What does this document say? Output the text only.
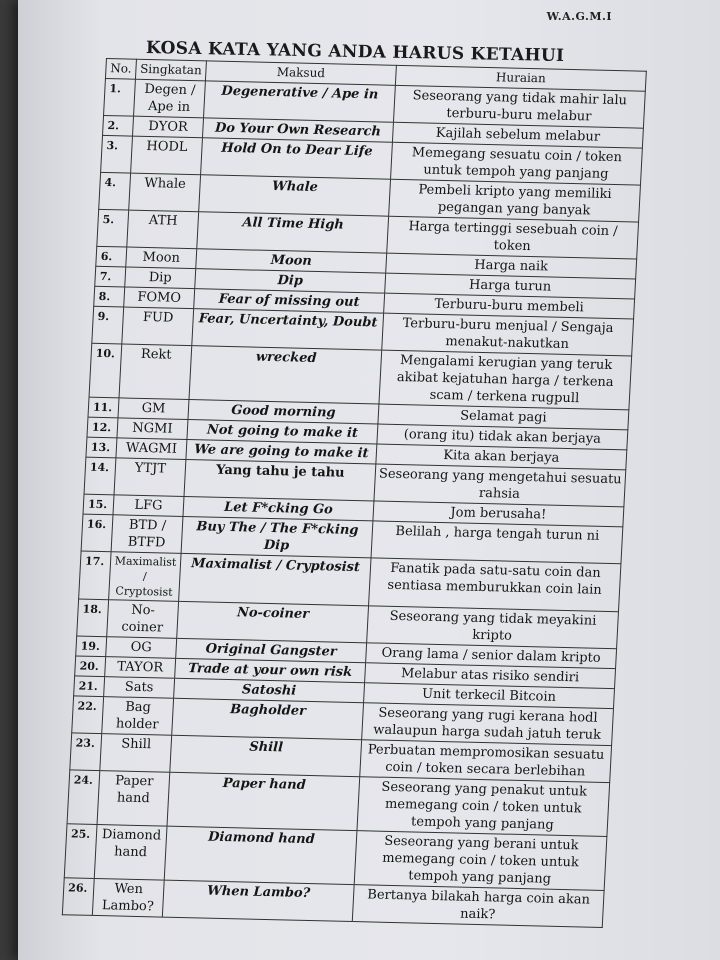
W.A.G.M.I
KOSA KATA YANG ANDA HARUS KETAHUI
No.	Singkatan	Maksud	Huraian
1.	Degen / Ape in	Degenerative / Ape in	Seseorang yang tidak mahir lalu terburu-buru melabur
2.	DYOR	Do Your Own Research	Kajilah sebelum melabur
3.	HODL	Hold On to Dear Life	Memegang sesuatu coin / token untuk tempoh yang panjang
4.	Whale	Whale	Pembeli kripto yang memiliki pegangan yang banyak
5.	ATH	All Time High	Harga tertinggi sesebuah coin / token
6.	Moon	Moon	Harga naik
7.	Dip	Dip	Harga turun
8.	FOMO	Fear of missing out	Terburu-buru membeli
9.	FUD	Fear, Uncertainty, Doubt	Terburu-buru menjual / Sengaja menakut-nakutkan
10.	Rekt	wrecked	Mengalami kerugian yang teruk akibat kejatuhan harga / terkena scam / terkena rugpull
11.	GM	Good morning	Selamat pagi
12.	NGMI	Not going to make it	(orang itu) tidak akan berjaya
13.	WAGMI	We are going to make it	Kita akan berjaya
14.	YTJT	Yang tahu je tahu	Seseorang yang mengetahui sesuatu rahsia
15.	LFG	Let F*cking Go	Jom berusaha!
16.	BTD / BTFD	Buy The / The F*cking Dip	Belilah , harga tengah turun ni
17.	Maximalist / Cryptosist	Maximalist / Cryptosist	Fanatik pada satu-satu coin dan sentiasa memburukkan coin lain
18.	No-coiner	No-coiner	Seseorang yang tidak meyakini kripto
19.	OG	Original Gangster	Orang lama / senior dalam kripto
20.	TAYOR	Trade at your own risk	Melabur atas risiko sendiri
21.	Sats	Satoshi	Unit terkecil Bitcoin
22.	Bag holder	Bagholder	Seseorang yang rugi kerana hodl walaupun harga sudah jatuh teruk
23.	Shill	Shill	Perbuatan mempromosikan sesuatu coin / token secara berlebihan
24.	Paper hand	Paper hand	Seseorang yang penakut untuk memegang coin / token untuk tempoh yang panjang
25.	Diamond hand	Diamond hand	Seseorang yang berani untuk memegang coin / token untuk tempoh yang panjang
26.	Wen Lambo?	When Lambo?	Bertanya bilakah harga coin akan naik?
